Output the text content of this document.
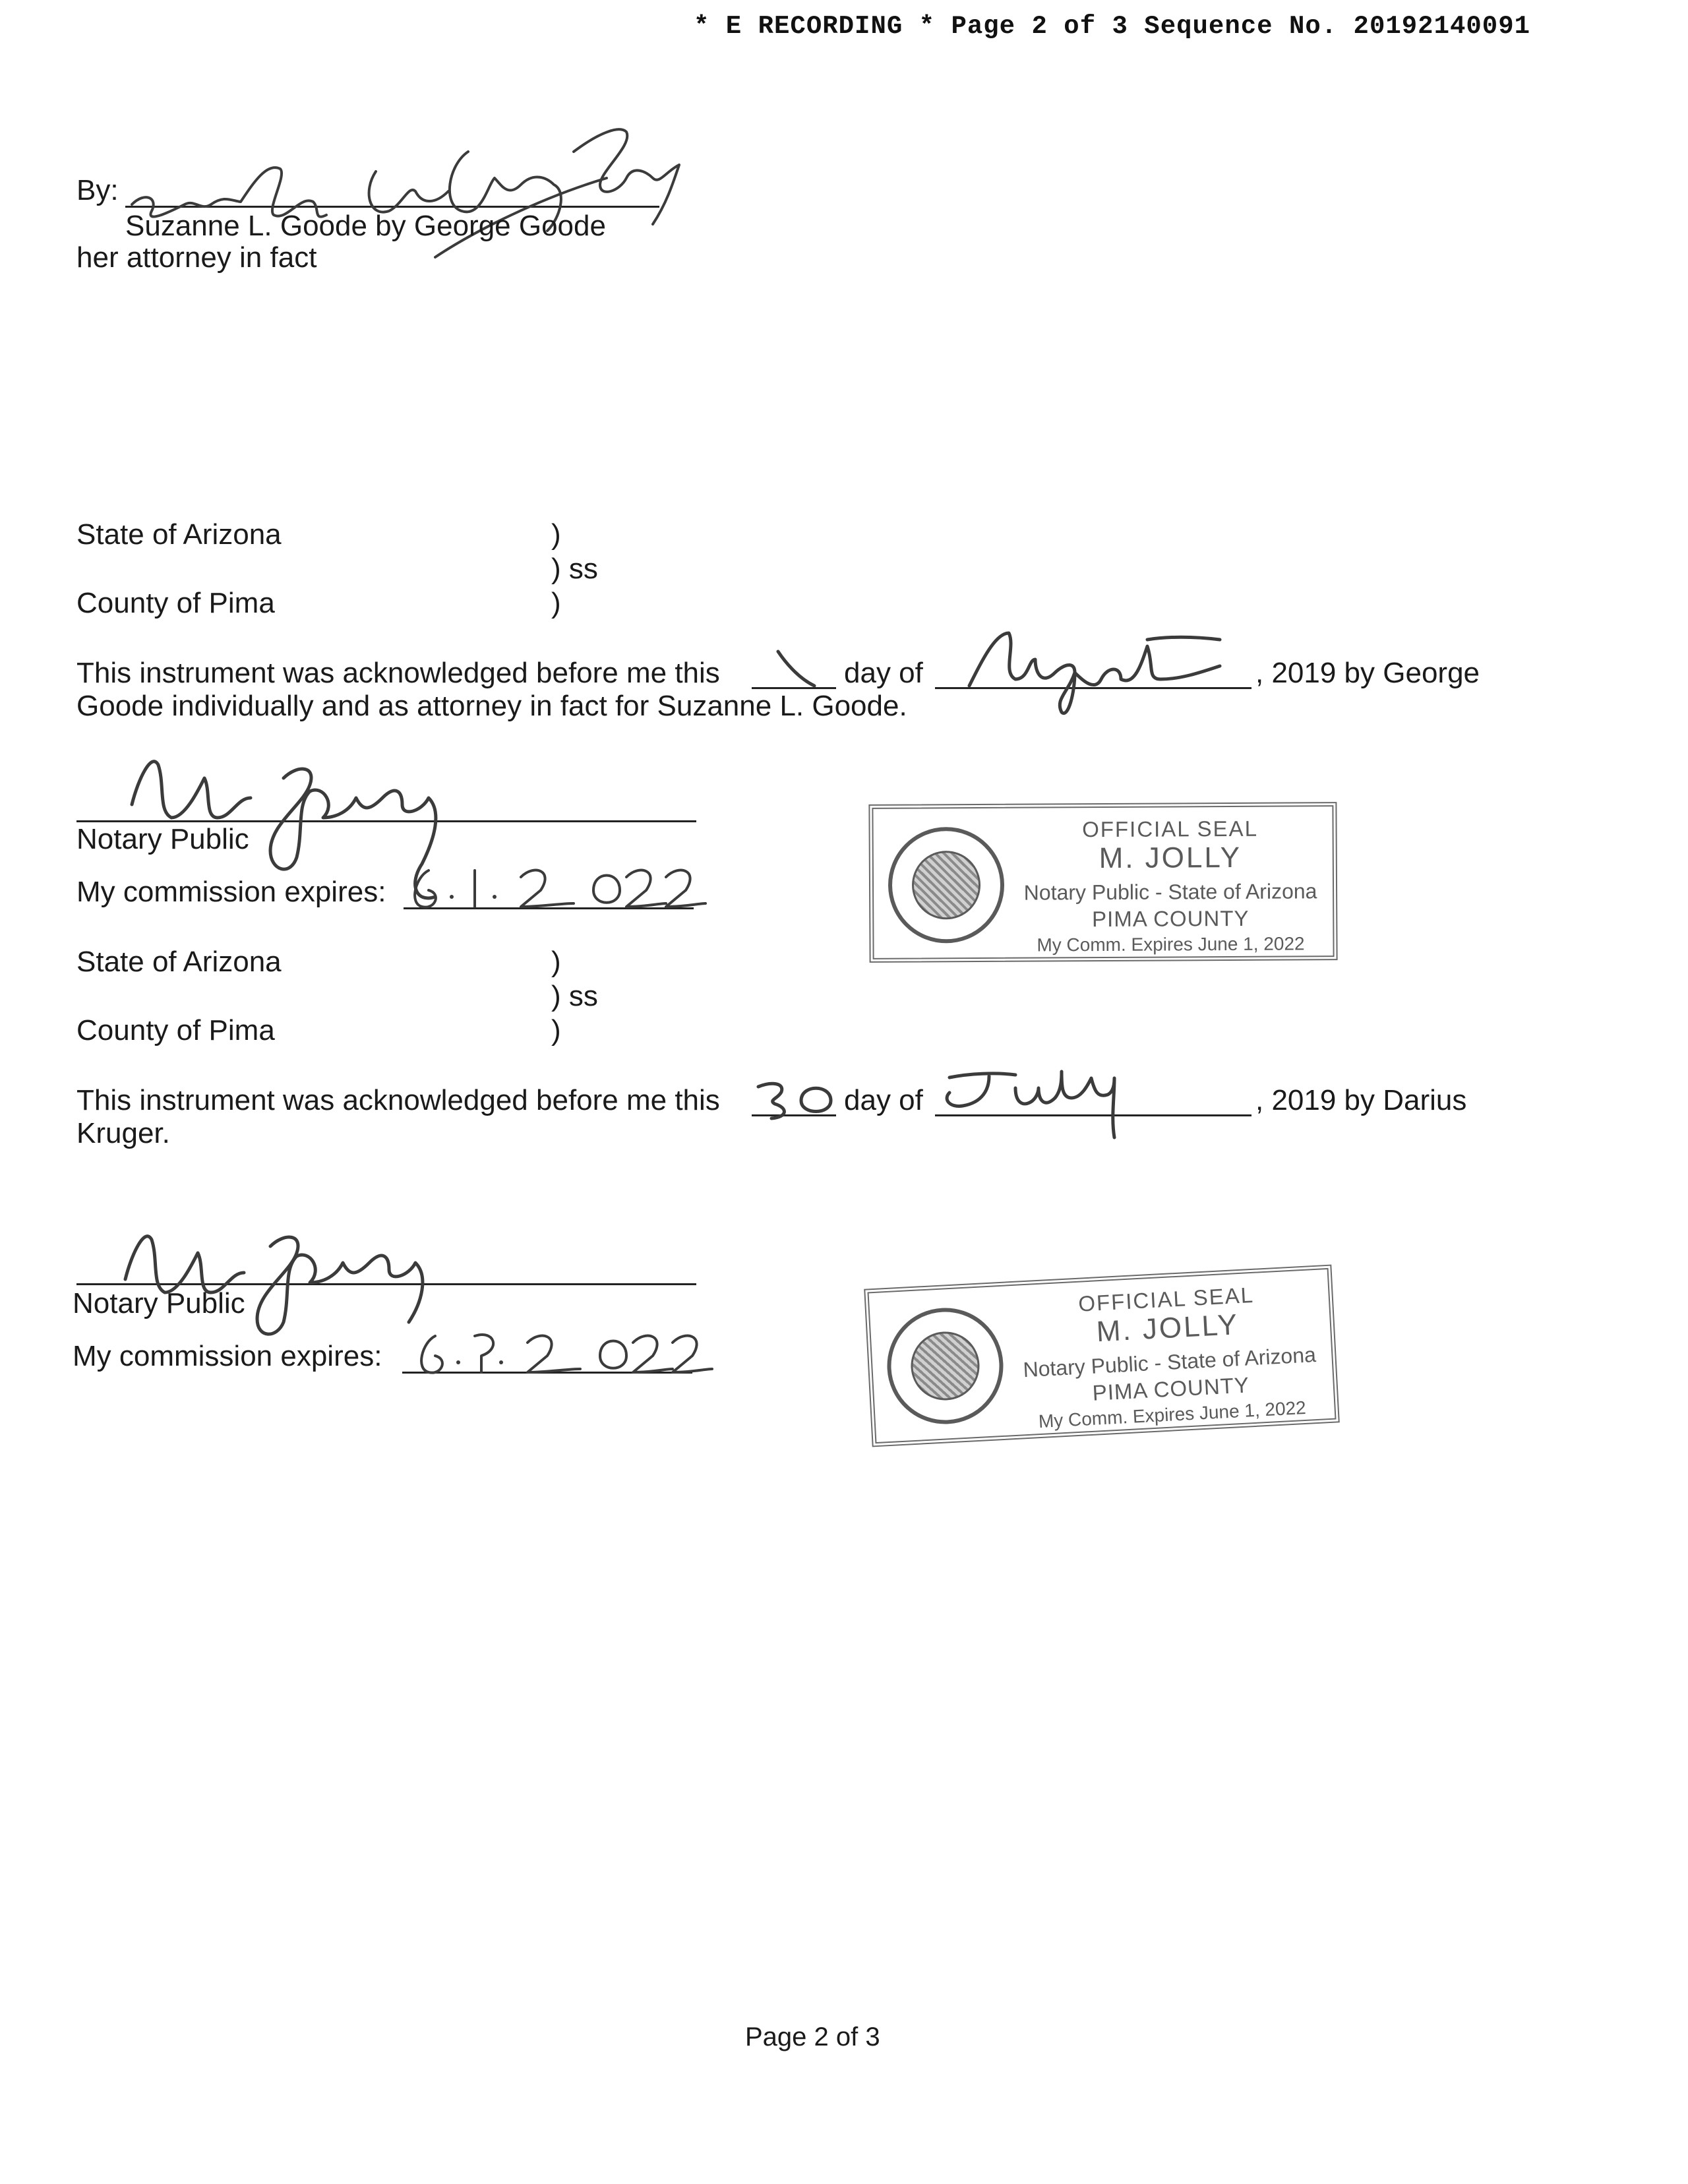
* E RECORDING * Page 2 of 3 Sequence No. 20192140091
By:
Suzanne L. Goode by George Goode
her attorney in fact
State of Arizona	)
) ss
County of Pima	)
This instrument was acknowledged before me this
1
day of
August
, 2019 by George
Goode individually and as attorney in fact for Suzanne L. Goode.
M Jolly
Notary Public
My commission expires:
6.1.2022	OFFICIAL SEAL
M. JOLLY
Notary Public - State of Arizona
PIMA COUNTY
My Comm. Expires June 1, 2022
State of Arizona	)
) ss
County of Pima	)
This instrument was acknowledged before me this
30
day of
July
, 2019 by Darius
Kruger.
M Jolly
Notary Public
My commission expires:
6.1.2022	OFFICIAL SEAL
M. JOLLY
Notary Public - State of Arizona
PIMA COUNTY
My Comm. Expires June 1, 2022
Page 2 of 3
